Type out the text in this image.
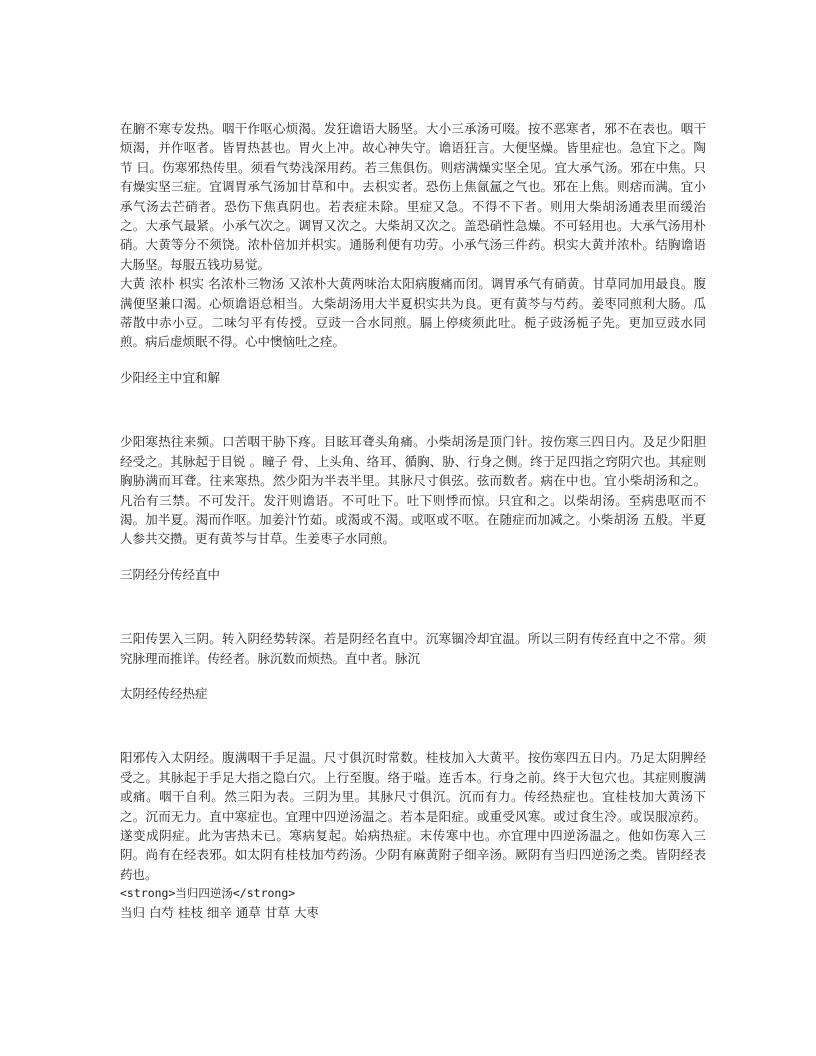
在腑不寒专发热。咽干作呕心烦渴。发狂谵语大肠坚。大小三承汤可啜。按不恶寒者，邪不在表也。咽干烦渴，并作呕者。皆胃热甚也。胃火上冲。故心神失守。谵语狂言。大便坚燥。皆里症也。急宜下之。陶节 曰。伤寒邪热传里。须看气势浅深用药。若三焦俱伤。则痞满燥实坚全见。宜大承气汤。邪在中焦。只有燥实坚三症。宜调胃承气汤加甘草和中。去枳实者。恐伤上焦氤氲之气也。邪在上焦。则痞而满。宜小承气汤去芒硝者。恐伤下焦真阴也。若表症未除。里症又急。不得不下者。则用大柴胡汤通表里而缓治之。大承气最紧。小承气次之。调胃又次之。大柴胡又次之。盖恐硝性急燥。不可轻用也。大承气汤用朴硝。大黄等分不须饶。浓朴倍加并枳实。通肠利便有功劳。小承气汤三件药。枳实大黄并浓朴。结胸谵语大肠坚。每服五钱功易觉。

大黄 浓朴 枳实 名浓朴三物汤 又浓朴大黄两味治太阳病腹痛而闭。调胃承气有硝黄。甘草同加用最良。腹满便坚兼口渴。心烦谵语总相当。大柴胡汤用大半夏枳实共为良。更有黄芩与芍药。姜枣同煎利大肠。瓜蒂散中赤小豆。二味匀平有传授。豆豉一合水同煎。膈上停痰须此吐。栀子豉汤栀子先。更加豆豉水同煎。病后虚烦眠不得。心中懊恼吐之痊。

少阳经主中宜和解

少阳寒热往来频。口苦咽干胁下疼。目眩耳聋头角痛。小柴胡汤是顶门针。按伤寒三四日内。及足少阳胆经受之。其脉起于目锐 。瞳子 骨、上头角、络耳、循胸、胁、行身之侧。终于足四指之窍阴穴也。其症则胸胁满而耳聋。往来寒热。然少阳为半表半里。其脉尺寸俱弦。弦而数者。病在中也。宜小柴胡汤和之。凡治有三禁。不可发汗。发汗则谵语。不可吐下。吐下则悸而惊。只宜和之。以柴胡汤。至病患呕而不渴。加半夏。渴而作呕。加姜汁竹茹。或渴或不渴。或呕或不呕。在随症而加减之。小柴胡汤 五般。半夏人参共交攒。更有黄芩与甘草。生姜枣子水同煎。

三阴经分传经直中

三阳传罢入三阴。转入阴经势转深。若是阴经名直中。沉寒锢冷却宜温。所以三阴有传经直中之不常。须究脉理而推详。传经者。脉沉数而烦热。直中者。脉沉

太阴经传经热症

阳邪传入太阴经。腹满咽干手足温。尺寸俱沉时常数。桂枝加入大黄平。按伤寒四五日内。乃足太阴脾经受之。其脉起于手足大指之隐白穴。上行至腹。络于嗌。连舌本。行身之前。终于大包穴也。其症则腹满或痛。咽干自利。然三阳为表。三阴为里。其脉尺寸俱沉。沉而有力。传经热症也。宜桂枝加大黄汤下之。沉而无力。直中寒症也。宜理中四逆汤温之。若本是阳症。或重受风寒。或过食生冷。或误服凉药。遂变成阴症。此为害热未已。寒病复起。始病热症。末传寒中也。亦宜理中四逆汤温之。他如伤寒入三阴。尚有在经表邪。如太阴有桂枝加芍药汤。少阴有麻黄附子细辛汤。厥阴有当归四逆汤之类。皆阴经表药也。

<strong>当归四逆汤</strong>

当归 白芍 桂枝 细辛 通草 甘草 大枣
